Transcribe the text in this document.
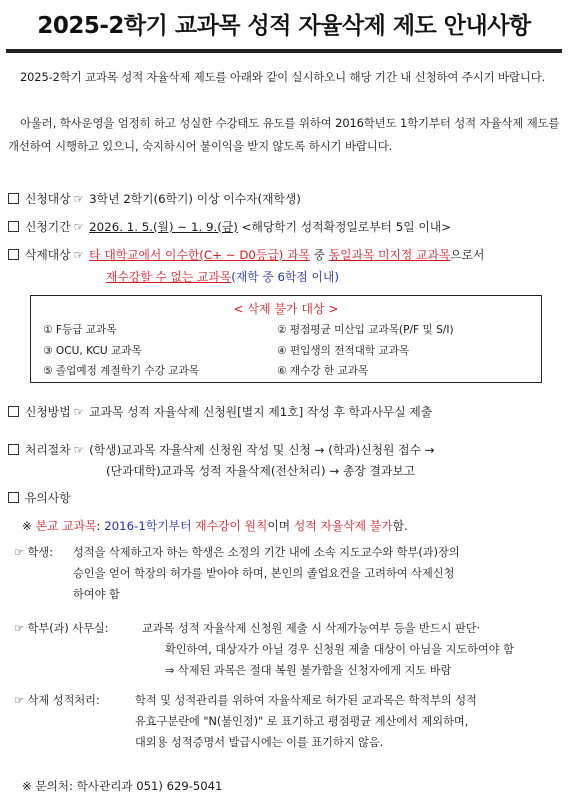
2025-2학기 교과목 성적 자율삭제 제도 안내사항
2025-2학기 교과목 성적 자율삭제 제도를 아래와 같이 실시하오니 해당 기간 내 신청하여 주시기 바랍니다.
아울러, 학사운영을 엄정히 하고 성실한 수강태도 유도를 위하여 2016학년도 1학기부터 성적 자율삭제 제도를 개선하여 시행하고 있으니, 숙지하시어 불이익을 받지 않도록 하시기 바랍니다.
신청대상 ☞ 3학년 2학기(6학기) 이상 이수자(재학생)
신청기간 ☞ 2026. 1. 5.(월) ~ 1. 9.(금) <해당학기 성적확정일로부터 5일 이내>
삭제대상 ☞ 타 대학교에서 이수한(C+ ~ D0등급) 과목 중 동일과목 미지정 교과목으로서
재수강할 수 없는 교과목(재학 중 6학점 이내)
< 삭제 불가 대상 >
① F등급 교과목	② 평점평균 미산입 교과목(P/F 및 S/I)
③ OCU, KCU 교과목	④ 편입생의 전적대학 교과목
⑤ 졸업예정 계절학기 수강 교과목	⑥ 재수강 한 교과목
신청방법 ☞ 교과목 성적 자율삭제 신청원[별지 제1호] 작성 후 학과사무실 제출
처리절차 ☞ (학생)교과목 자율삭제 신청원 작성 및 신청 → (학과)신청원 접수 →
(단과대학)교과목 성적 자율삭제(전산처리) → 총장 결과보고
유의사항
※ 본교 교과목: 2016-1학기부터 재수강이 원칙이며 성적 자율삭제 불가함.
☞ 학생: 성적을 삭제하고자 하는 학생은 소정의 기간 내에 소속 지도교수와 학부(과)장의
승인을 얻어 학장의 허가를 받아야 하며, 본인의 졸업요건을 고려하여 삭제신청
하여야 함
☞ 학부(과) 사무실:	교과목 성적 자율삭제 신청원 제출 시 삭제가능여부 등을 반드시 판단·
확인하여, 대상자가 아닐 경우 신청원 제출 대상이 아님을 지도하여야 함
⇒ 삭제된 과목은 절대 복원 불가함을 신청자에게 지도 바람
☞ 삭제 성적처리:	학적 및 성적관리를 위하여 자율삭제로 허가된 교과목은 학적부의 성적
유효구분란에 "N(불인정)" 로 표기하고 평점평균 계산에서 제외하며,
대외용 성적증명서 발급시에는 이를 표기하지 않음.
※ 문의처: 학사관리과 051) 629-5041
